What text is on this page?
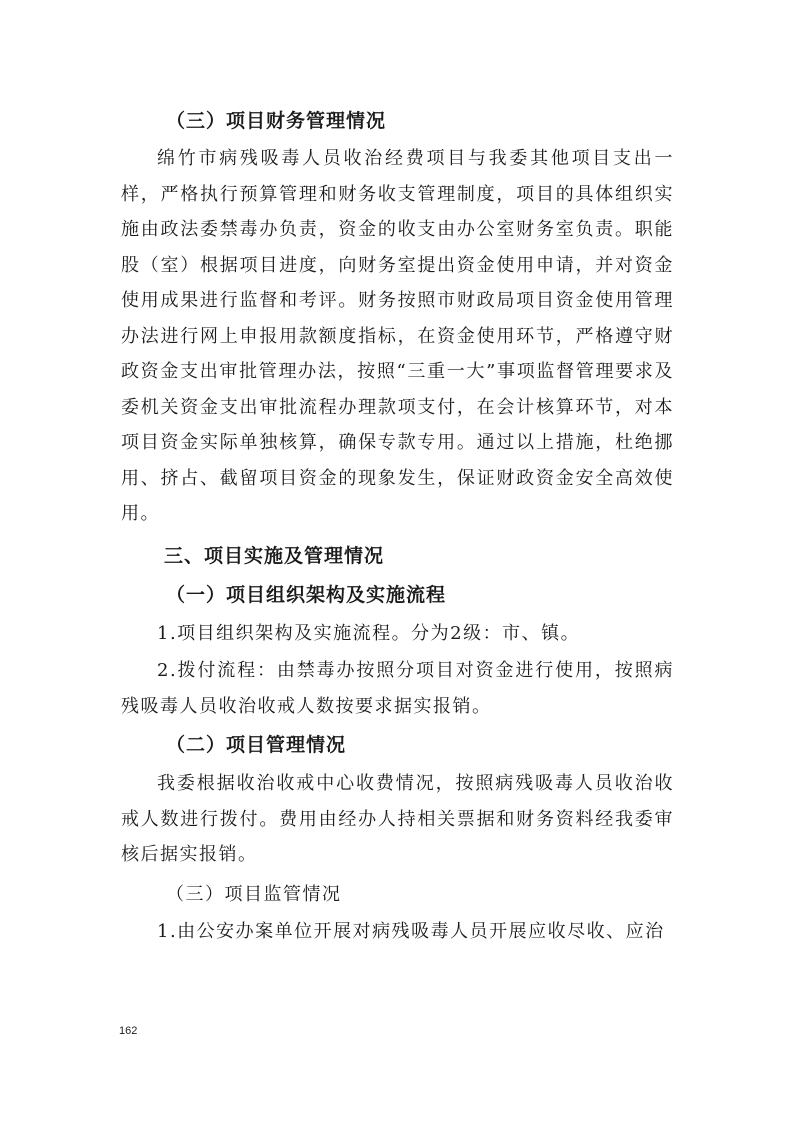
（三）项目财务管理情况

绵竹市病残吸毒人员收治经费项目与我委其他项目支出一样，严格执行预算管理和财务收支管理制度，项目的具体组织实施由政法委禁毒办负责，资金的收支由办公室财务室负责。职能股（室）根据项目进度，向财务室提出资金使用申请，并对资金使用成果进行监督和考评。财务按照市财政局项目资金使用管理办法进行网上申报用款额度指标，在资金使用环节，严格遵守财政资金支出审批管理办法，按照“三重一大”事项监督管理要求及委机关资金支出审批流程办理款项支付，在会计核算环节，对本项目资金实际单独核算，确保专款专用。通过以上措施，杜绝挪用、挤占、截留项目资金的现象发生，保证财政资金安全高效使用。

三、项目实施及管理情况
（一）项目组织架构及实施流程

1.项目组织架构及实施流程。分为2级：市、镇。

2.拨付流程：由禁毒办按照分项目对资金进行使用，按照病残吸毒人员收治收戒人数按要求据实报销。

（二）项目管理情况

我委根据收治收戒中心收费情况，按照病残吸毒人员收治收戒人数进行拨付。费用由经办人持相关票据和财务资料经我委审核后据实报销。

（三）项目监管情况

1.由公安办案单位开展对病残吸毒人员开展应收尽收、应治

162
